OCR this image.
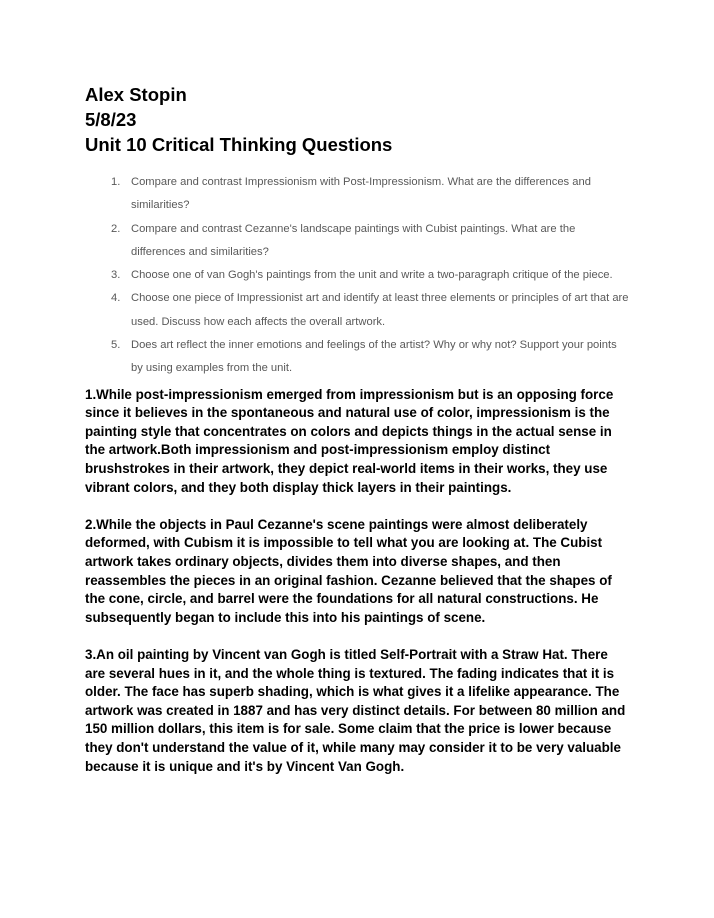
Alex Stopin

5/8/23

Unit 10 Critical Thinking Questions

1. Compare and contrast Impressionism with Post-Impressionism. What are the differences and similarities?
2. Compare and contrast Cezanne's landscape paintings with Cubist paintings. What are the differences and similarities?
3. Choose one of van Gogh's paintings from the unit and write a two-paragraph critique of the piece.
4. Choose one piece of Impressionist art and identify at least three elements or principles of art that are used. Discuss how each affects the overall artwork.
5. Does art reflect the inner emotions and feelings of the artist? Why or why not? Support your points by using examples from the unit.

1.While post-impressionism emerged from impressionism but is an opposing force since it believes in the spontaneous and natural use of color, impressionism is the painting style that concentrates on colors and depicts things in the actual sense in the artwork.Both impressionism and post-impressionism employ distinct brushstrokes in their artwork, they depict real-world items in their works, they use vibrant colors, and they both display thick layers in their paintings.

2.While the objects in Paul Cezanne's scene paintings were almost deliberately deformed, with Cubism it is impossible to tell what you are looking at. The Cubist artwork takes ordinary objects, divides them into diverse shapes, and then reassembles the pieces in an original fashion. Cezanne believed that the shapes of the cone, circle, and barrel were the foundations for all natural constructions. He subsequently began to include this into his paintings of scene.

3.An oil painting by Vincent van Gogh is titled Self-Portrait with a Straw Hat. There are several hues in it, and the whole thing is textured. The fading indicates that it is older. The face has superb shading, which is what gives it a lifelike appearance. The artwork was created in 1887 and has very distinct details. For between 80 million and 150 million dollars, this item is for sale. Some claim that the price is lower because they don't understand the value of it, while many may consider it to be very valuable because it is unique and it's by Vincent Van Gogh.
